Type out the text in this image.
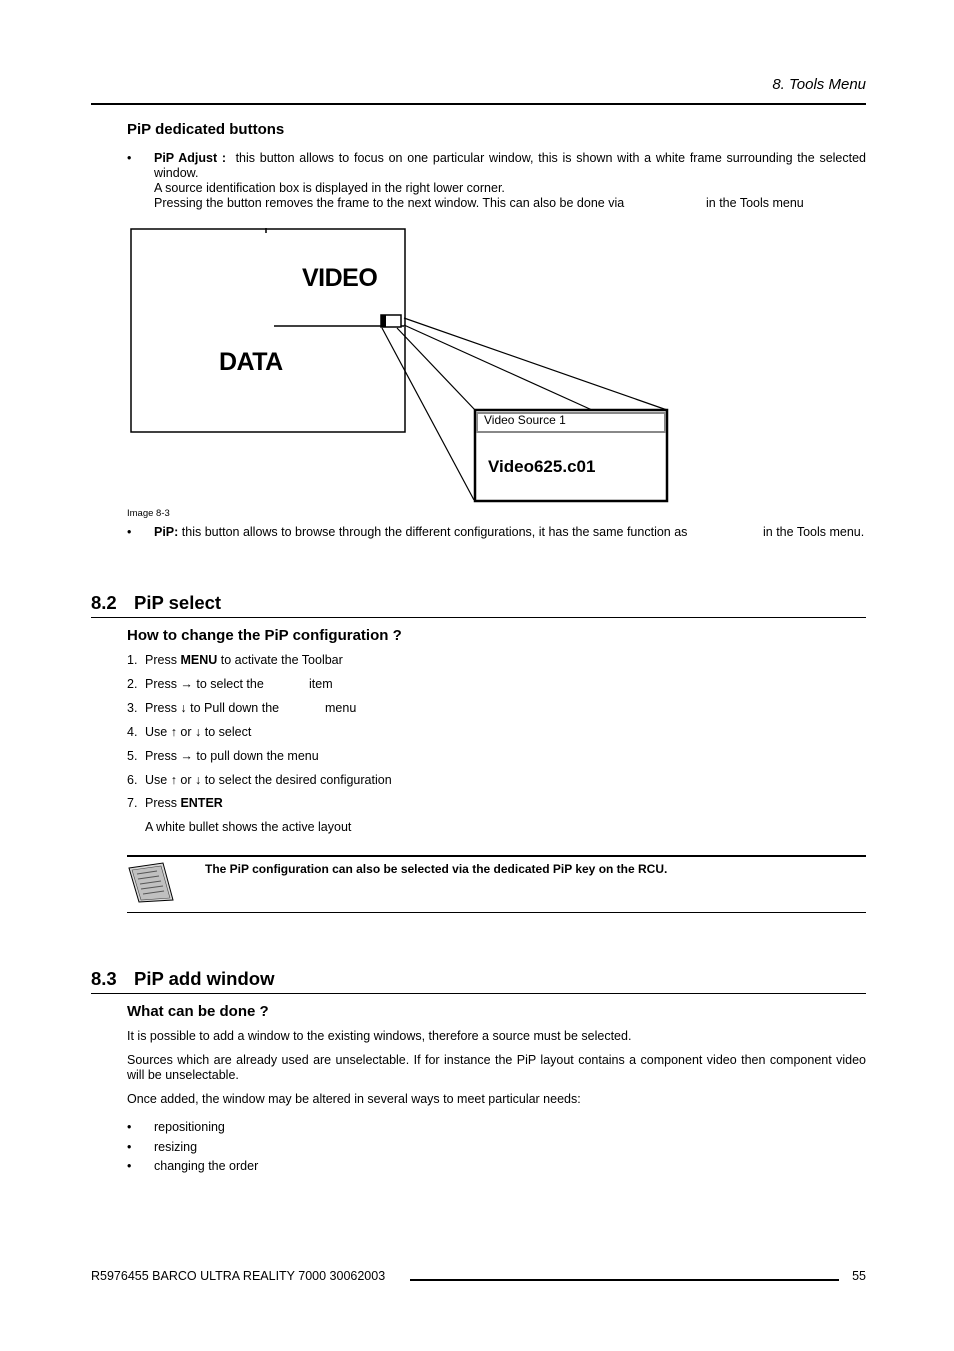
8. Tools Menu
PiP dedicated buttons
• PiP Adjust : this button allows to focus on one particular window, this is shown with a white frame surrounding the selected window.
A source identification box is displayed in the right lower corner.
Pressing the button removes the frame to the next window. This can also be done via	in the Tools menu
VIDEO
DATA
Video Source 1
Video625.c01
Image 8-3
• PiP: this button allows to browse through the different configurations, it has the same function as	in the Tools menu.
8.2 PiP select
How to change the PiP configuration ?
1. Press MENU to activate the Toolbar
2. Press → to select the	item
3. Press ↓ to Pull down the	menu
4. Use ↑ or ↓ to select
5. Press → to pull down the menu
6. Use ↑ or ↓ to select the desired configuration
7. Press ENTER
A white bullet shows the active layout
The PiP configuration can also be selected via the dedicated PiP key on the RCU.
8.3 PiP add window
What can be done ?
It is possible to add a window to the existing windows, therefore a source must be selected.
Sources which are already used are unselectable. If for instance the PiP layout contains a component video then component video will be unselectable.
Once added, the window may be altered in several ways to meet particular needs:
• repositioning
• resizing
• changing the order
R5976455 BARCO ULTRA REALITY 7000 30062003	55
